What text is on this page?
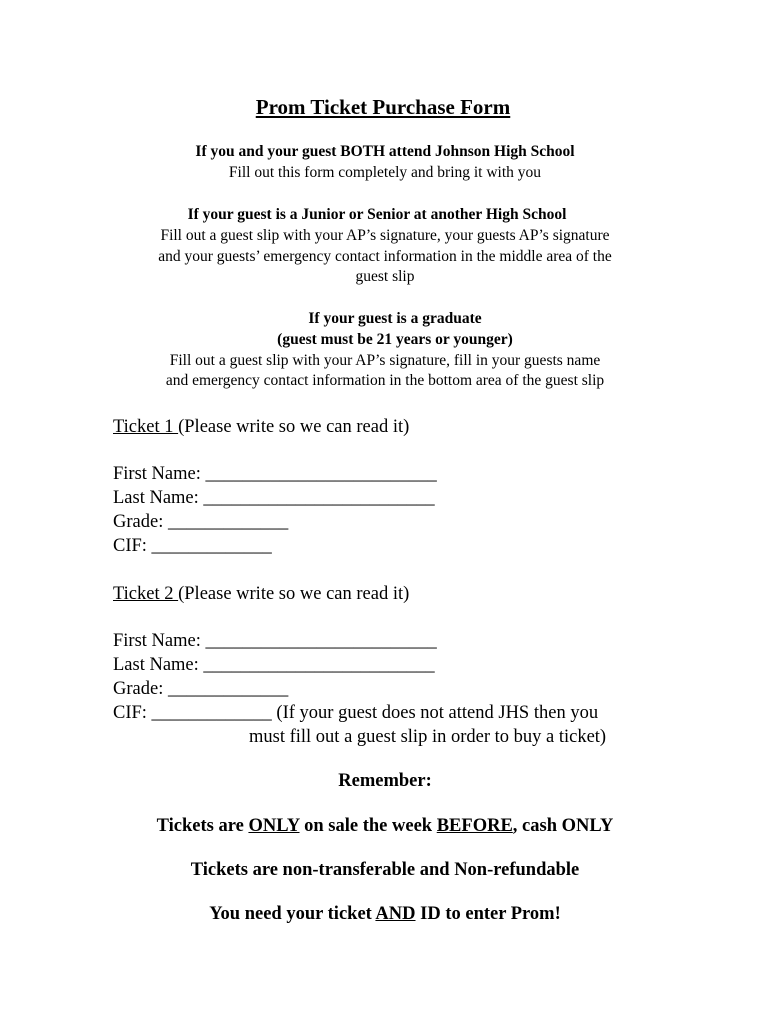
Prom Ticket Purchase Form
If you and your guest BOTH attend Johnson High School
Fill out this form completely and bring it with you
If your guest is a Junior or Senior at another High School
Fill out a guest slip with your AP’s signature, your guests AP’s signature
and your guests’ emergency contact information in the middle area of the
guest slip
If your guest is a graduate
(guest must be 21 years or younger)
Fill out a guest slip with your AP’s signature, fill in your guests name
and emergency contact information in the bottom area of the guest slip
Ticket 1 (Please write so we can read it)
First Name: _________________________
Last Name: _________________________
Grade: _____________
CIF: _____________
Ticket 2 (Please write so we can read it)
First Name: _________________________
Last Name: _________________________
Grade: _____________
CIF: _____________ (If your guest does not attend JHS then you
must fill out a guest slip in order to buy a ticket)
Remember:
Tickets are ONLY on sale the week BEFORE, cash ONLY
Tickets are non-transferable and Non-refundable
You need your ticket AND ID to enter Prom!
